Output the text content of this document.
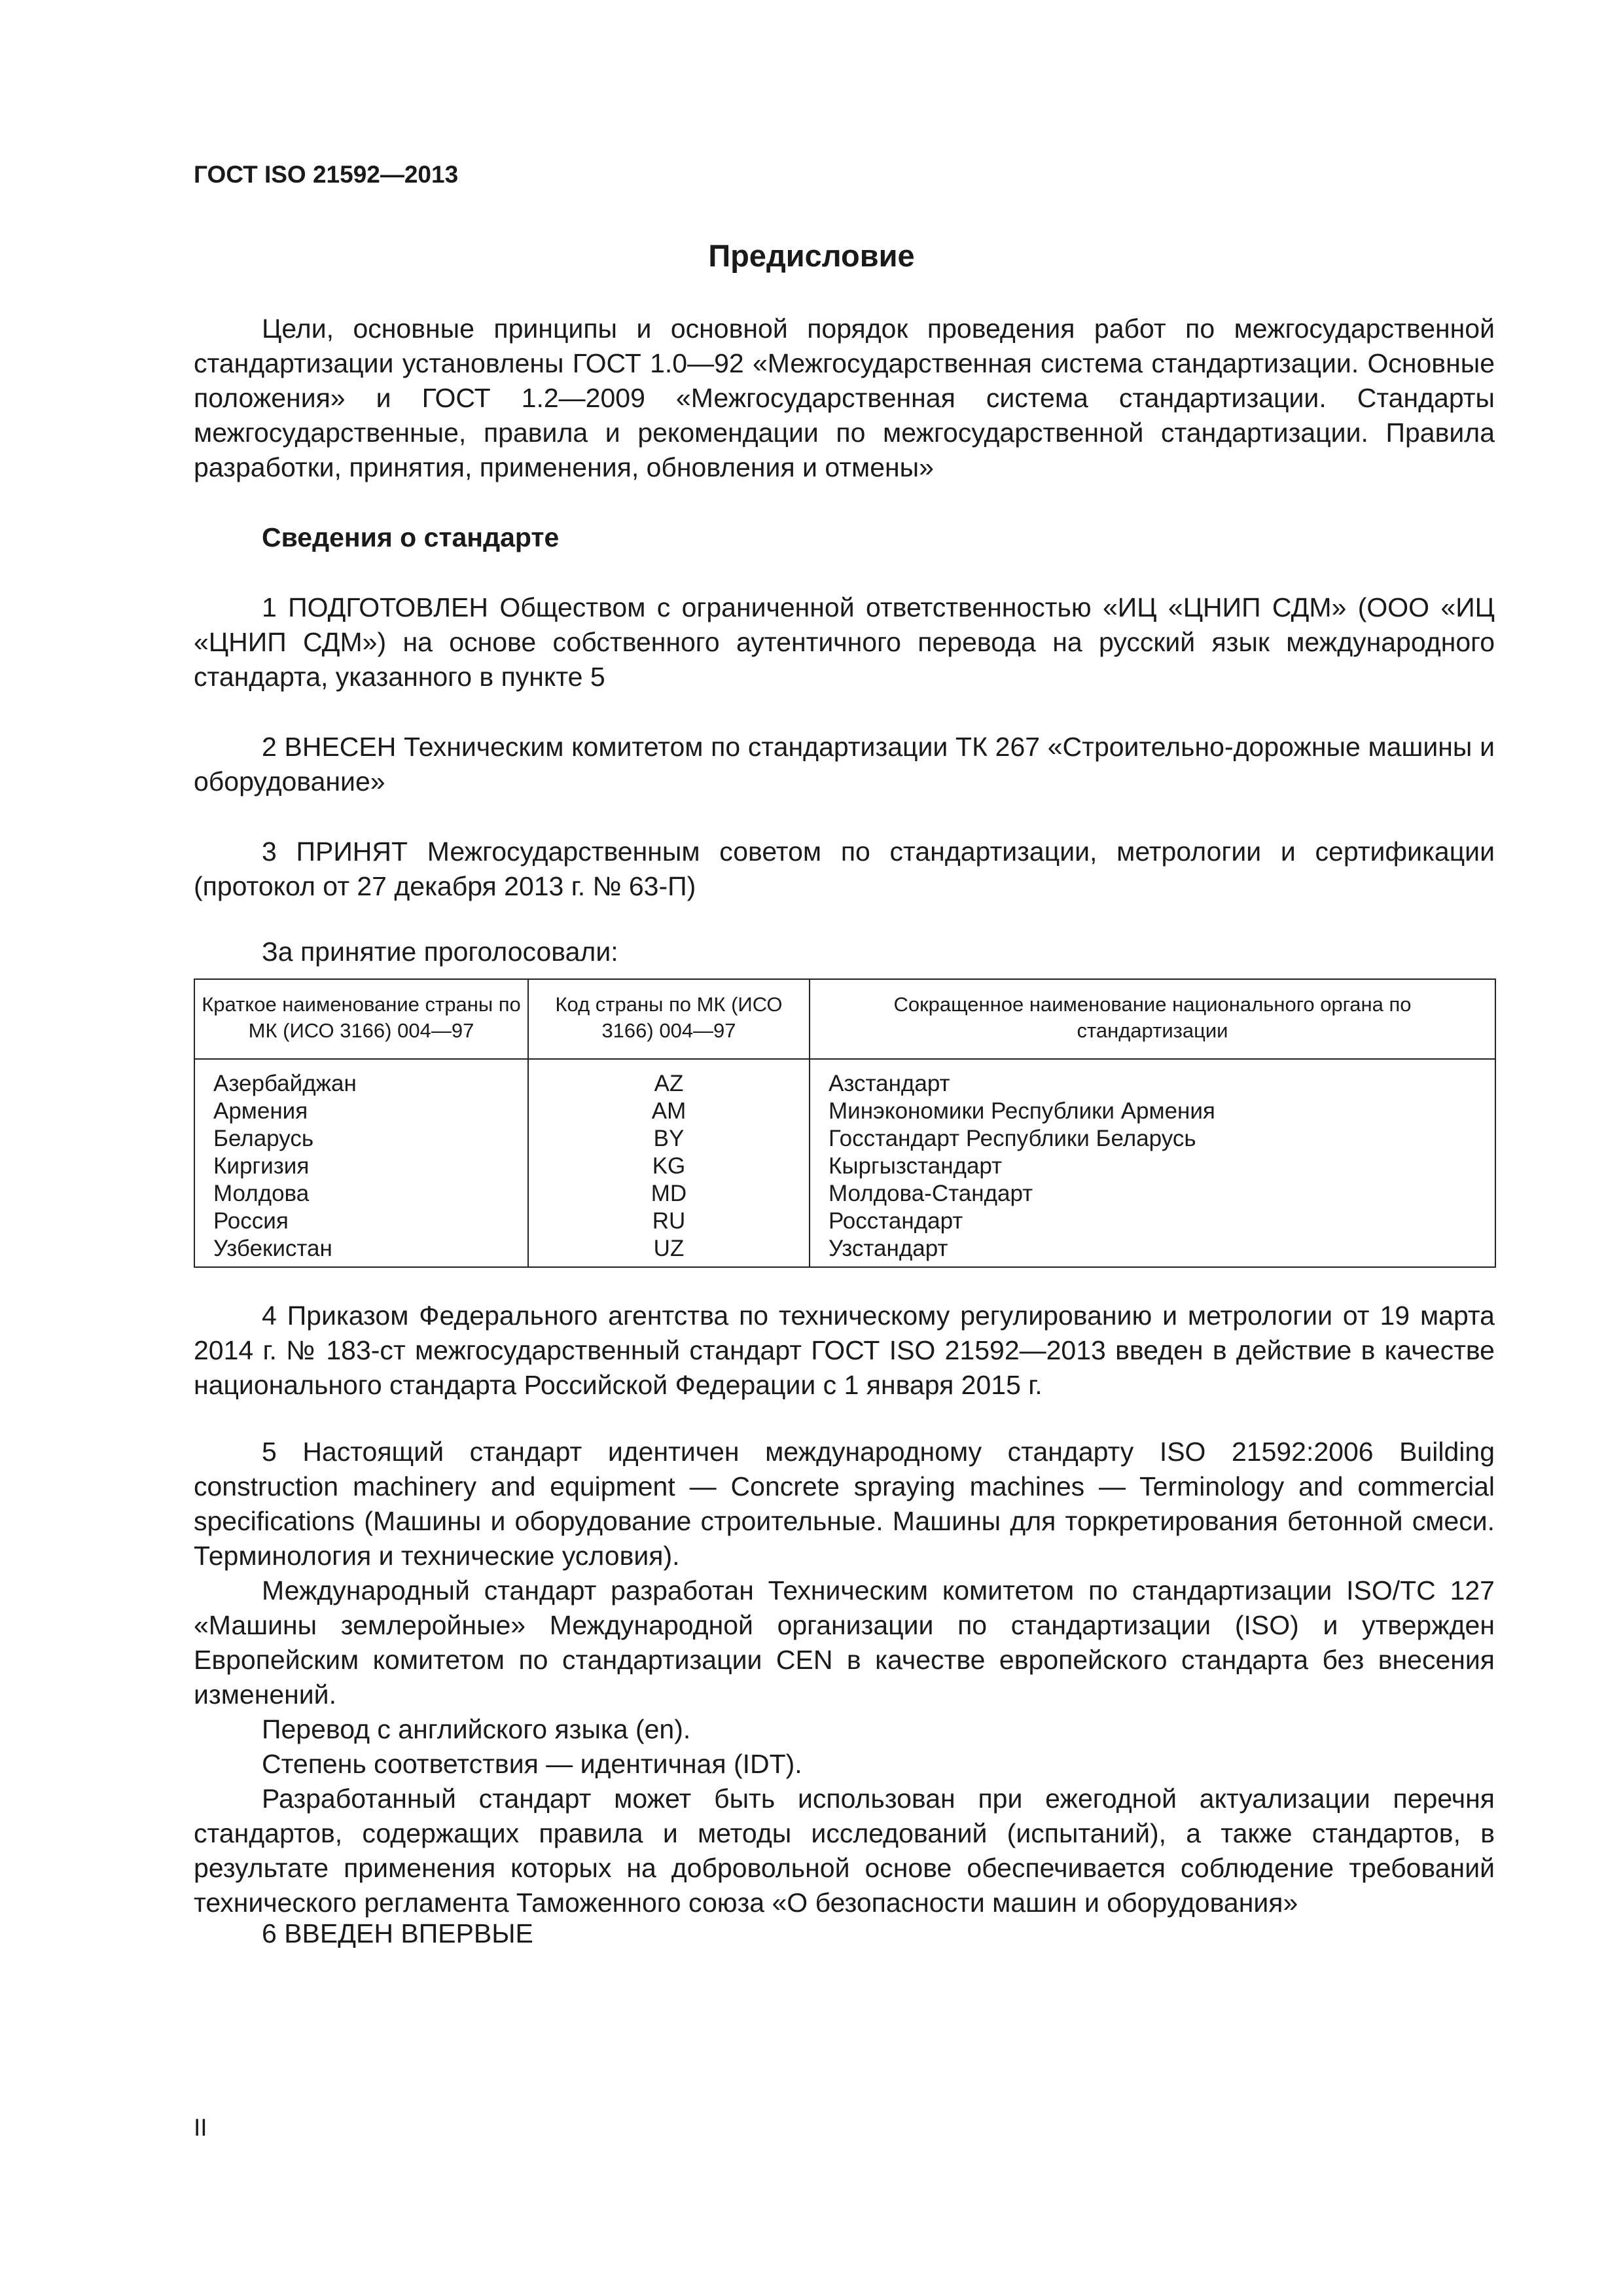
ГОСТ ISO 21592—2013

Предисловие

Цели, основные принципы и основной порядок проведения работ по межгосударственной стандартизации установлены ГОСТ 1.0—92 «Межгосударственная система стандартизации. Основные положения» и ГОСТ 1.2—2009 «Межгосударственная система стандартизации. Стандарты межгосударственные, правила и рекомендации по межгосударственной стандартизации. Правила разработки, принятия, применения, обновления и отмены»

Сведения о стандарте

1 ПОДГОТОВЛЕН Обществом с ограниченной ответственностью «ИЦ «ЦНИП СДМ» (ООО «ИЦ «ЦНИП СДМ») на основе собственного аутентичного перевода на русский язык международного стандарта, указанного в пункте 5

2 ВНЕСЕН Техническим комитетом по стандартизации ТК 267 «Строительно-дорожные машины и оборудование»

3 ПРИНЯТ Межгосударственным советом по стандартизации, метрологии и сертификации (протокол от 27 декабря 2013 г. № 63-П)

За принятие проголосовали:

Краткое наименование страны по МК (ИСО 3166) 004—97	Код страны по МК (ИСО 3166) 004—97	Сокращенное наименование национального органа по стандартизации
Азербайджан	AZ	Азстандарт
Армения	AM	Минэкономики Республики Армения
Беларусь	BY	Госстандарт Республики Беларусь
Киргизия	KG	Кыргызстандарт
Молдова	MD	Молдова-Стандарт
Россия	RU	Росстандарт
Узбекистан	UZ	Узстандарт

4 Приказом Федерального агентства по техническому регулированию и метрологии от 19 марта 2014 г. № 183-ст межгосударственный стандарт ГОСТ ISO 21592—2013 введен в действие в качестве национального стандарта Российской Федерации с 1 января 2015 г.

5 Настоящий стандарт идентичен международному стандарту ISO 21592:2006 Building construction machinery and equipment — Concrete spraying machines — Terminology and commercial specifications (Машины и оборудование строительные. Машины для торкретирования бетонной смеси. Терминология и технические условия).

Международный стандарт разработан Техническим комитетом по стандартизации ISO/TC 127 «Машины землеройные» Международной организации по стандартизации (ISO) и утвержден Европейским комитетом по стандартизации CEN в качестве европейского стандарта без внесения изменений.

Перевод с английского языка (en).

Степень соответствия — идентичная (IDT).

Разработанный стандарт может быть использован при ежегодной актуализации перечня стандартов, содержащих правила и методы исследований (испытаний), а также стандартов, в результате применения которых на добровольной основе обеспечивается соблюдение требований технического регламента Таможенного союза «О безопасности машин и оборудования»

6 ВВЕДЕН ВПЕРВЫЕ

II
